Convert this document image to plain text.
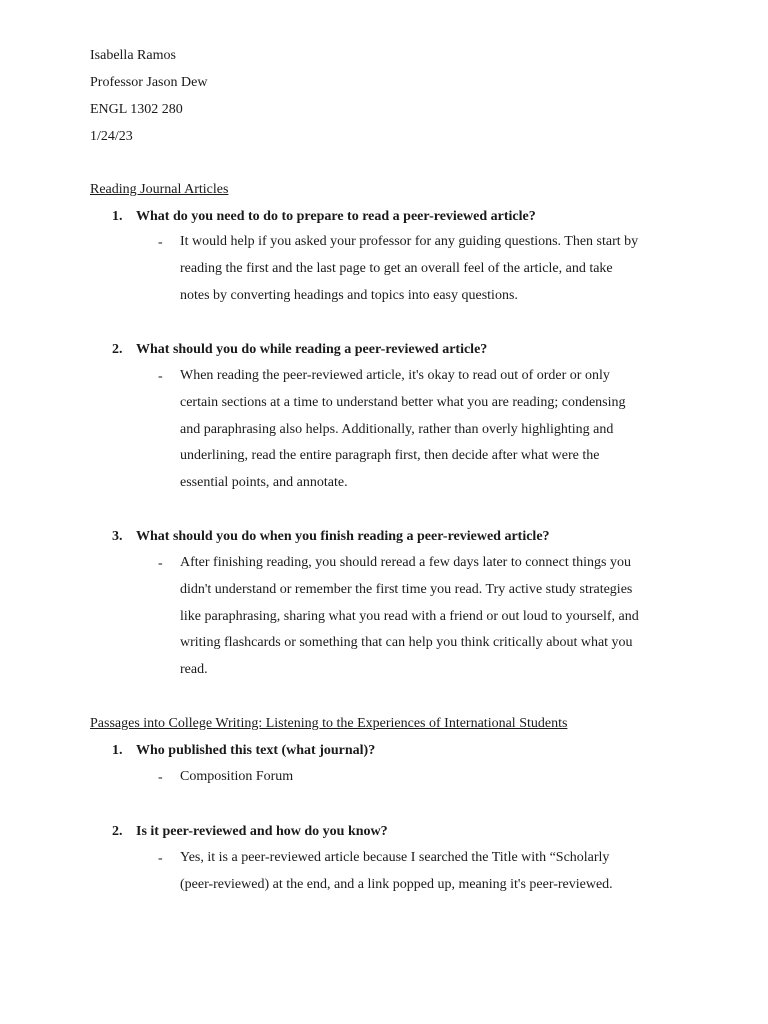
Isabella Ramos
Professor Jason Dew
ENGL 1302 280
1/24/23
Reading Journal Articles
1. What do you need to do to prepare to read a peer-reviewed article?
- It would help if you asked your professor for any guiding questions. Then start by
reading the first and the last page to get an overall feel of the article, and take
notes by converting headings and topics into easy questions.
2. What should you do while reading a peer-reviewed article?
- When reading the peer-reviewed article, it's okay to read out of order or only
certain sections at a time to understand better what you are reading; condensing
and paraphrasing also helps. Additionally, rather than overly highlighting and
underlining, read the entire paragraph first, then decide after what were the
essential points, and annotate.
3. What should you do when you finish reading a peer-reviewed article?
- After finishing reading, you should reread a few days later to connect things you
didn't understand or remember the first time you read. Try active study strategies
like paraphrasing, sharing what you read with a friend or out loud to yourself, and
writing flashcards or something that can help you think critically about what you
read.
Passages into College Writing: Listening to the Experiences of International Students
1. Who published this text (what journal)?
- Composition Forum
2. Is it peer-reviewed and how do you know?
- Yes, it is a peer-reviewed article because I searched the Title with “Scholarly
(peer-reviewed) at the end, and a link popped up, meaning it's peer-reviewed.
